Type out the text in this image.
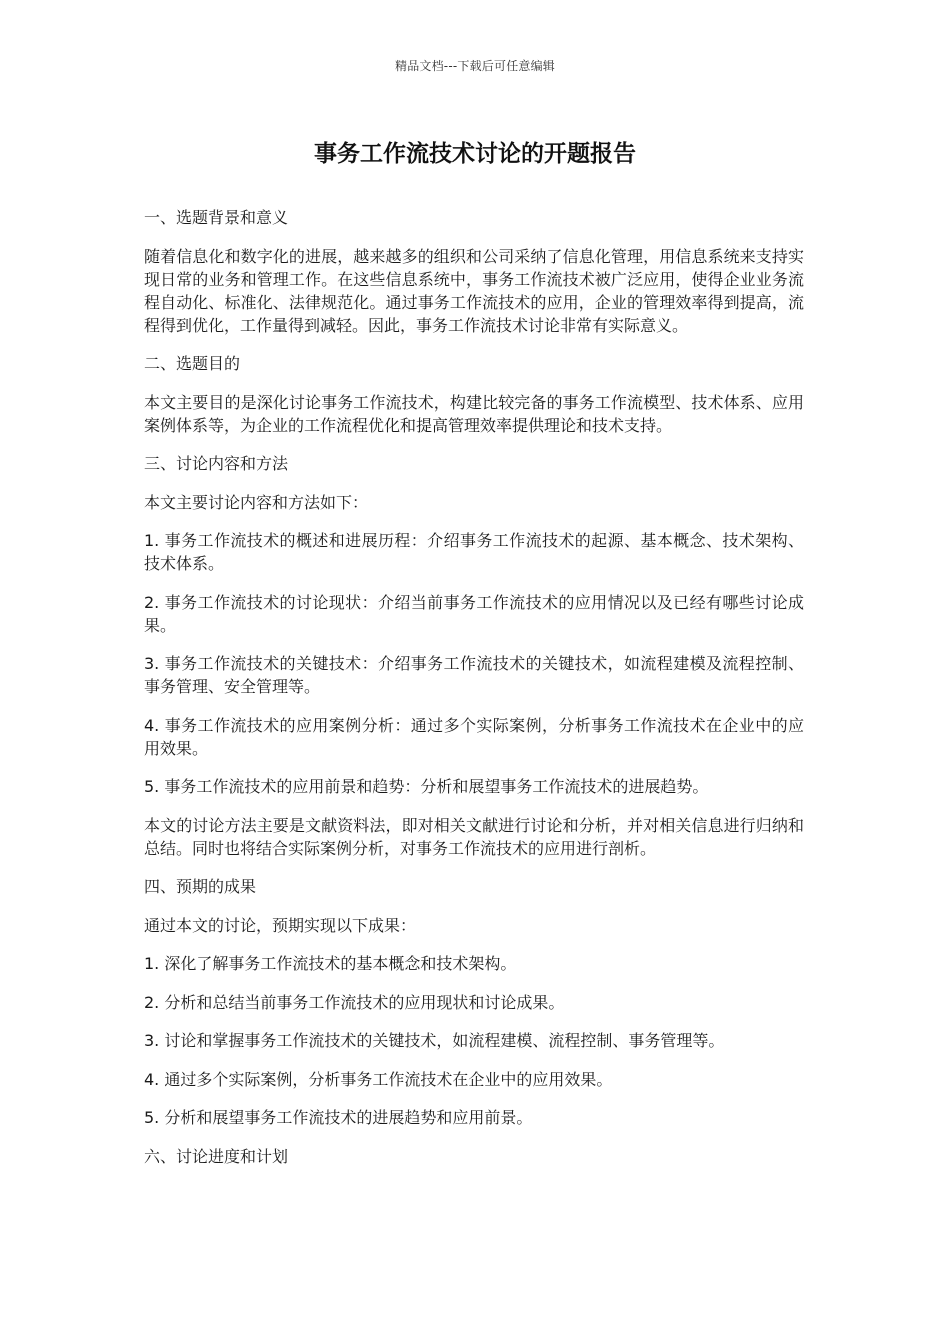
精品文档---下载后可任意编辑
事务工作流技术讨论的开题报告

一、选题背景和意义

随着信息化和数字化的进展，越来越多的组织和公司采纳了信息化管理，用信息系统来支持实现日常的业务和管理工作。在这些信息系统中，事务工作流技术被广泛应用，使得企业业务流程自动化、标准化、法律规范化。通过事务工作流技术的应用，企业的管理效率得到提高，流程得到优化，工作量得到减轻。因此，事务工作流技术讨论非常有实际意义。

二、选题目的

本文主要目的是深化讨论事务工作流技术，构建比较完备的事务工作流模型、技术体系、应用案例体系等，为企业的工作流程优化和提高管理效率提供理论和技术支持。

三、讨论内容和方法

本文主要讨论内容和方法如下：

1. 事务工作流技术的概述和进展历程：介绍事务工作流技术的起源、基本概念、技术架构、技术体系。

2. 事务工作流技术的讨论现状：介绍当前事务工作流技术的应用情况以及已经有哪些讨论成果。

3. 事务工作流技术的关键技术：介绍事务工作流技术的关键技术，如流程建模及流程控制、事务管理、安全管理等。

4. 事务工作流技术的应用案例分析：通过多个实际案例，分析事务工作流技术在企业中的应用效果。

5. 事务工作流技术的应用前景和趋势：分析和展望事务工作流技术的进展趋势。

本文的讨论方法主要是文献资料法，即对相关文献进行讨论和分析，并对相关信息进行归纳和总结。同时也将结合实际案例分析，对事务工作流技术的应用进行剖析。

四、预期的成果

通过本文的讨论，预期实现以下成果：

1. 深化了解事务工作流技术的基本概念和技术架构。

2. 分析和总结当前事务工作流技术的应用现状和讨论成果。

3. 讨论和掌握事务工作流技术的关键技术，如流程建模、流程控制、事务管理等。

4. 通过多个实际案例，分析事务工作流技术在企业中的应用效果。

5. 分析和展望事务工作流技术的进展趋势和应用前景。

六、讨论进度和计划
